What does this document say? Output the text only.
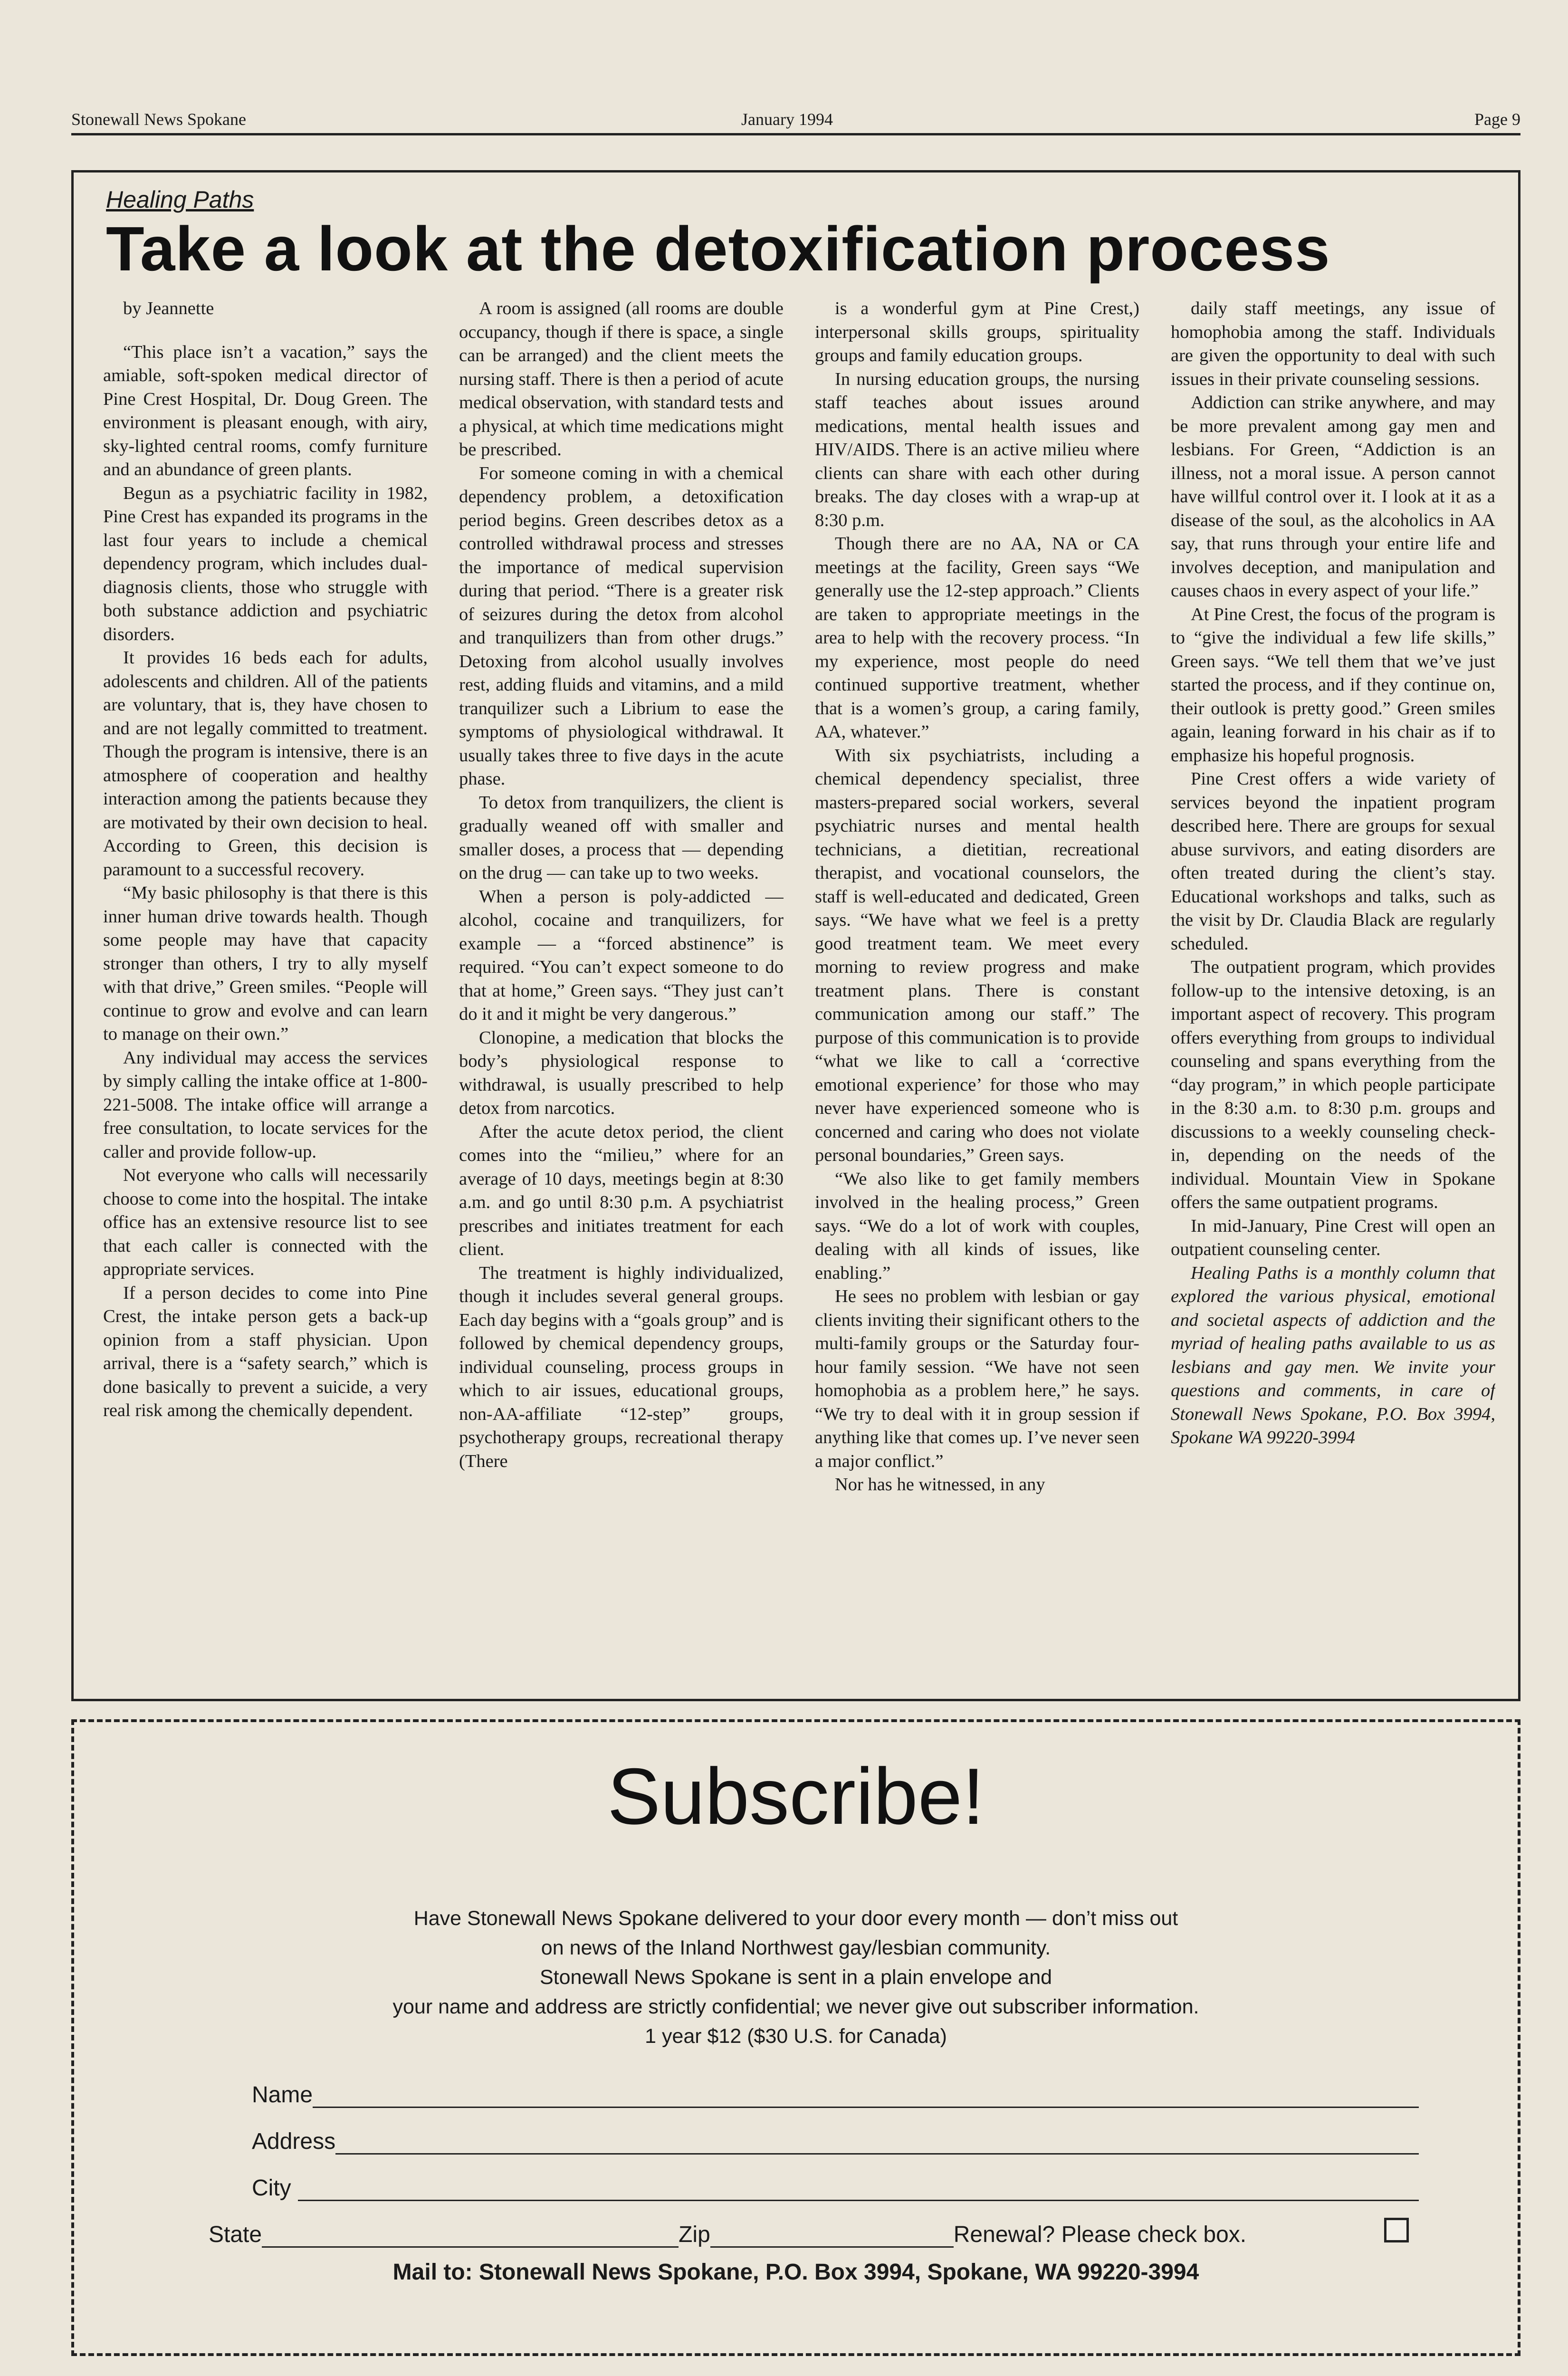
Stonewall News Spokane	January 1994	Page 9
Healing Paths
Take a look at the detoxification process

by Jeannette

“This place isn’t a vacation,” says the amiable, soft-spoken medical director of Pine Crest Hospital, Dr. Doug Green. The environment is pleasant enough, with airy, sky-lighted central rooms, comfy furniture and an abundance of green plants.

Begun as a psychiatric facility in 1982, Pine Crest has expanded its programs in the last four years to include a chemical dependency program, which includes dual-diagnosis clients, those who struggle with both substance addiction and psychiatric disorders.

It provides 16 beds each for adults, adolescents and children. All of the patients are voluntary, that is, they have chosen to and are not legally committed to treatment. Though the program is intensive, there is an atmosphere of cooperation and healthy interaction among the patients because they are motivated by their own decision to heal. According to Green, this decision is paramount to a successful recovery.

“My basic philosophy is that there is this inner human drive towards health. Though some people may have that capacity stronger than others, I try to ally myself with that drive,” Green smiles. “People will continue to grow and evolve and can learn to manage on their own.”

Any individual may access the services by simply calling the intake office at 1-800-221-5008. The intake office will arrange a free consultation, to locate services for the caller and provide follow-up.

Not everyone who calls will necessarily choose to come into the hospital. The intake office has an extensive resource list to see that each caller is connected with the appropriate services.

If a person decides to come into Pine Crest, the intake person gets a back-up opinion from a staff physician. Upon arrival, there is a “safety search,” which is done basically to prevent a suicide, a very real risk among the chemically dependent.

A room is assigned (all rooms are double occupancy, though if there is space, a single can be arranged) and the client meets the nursing staff. There is then a period of acute medical observation, with standard tests and a physical, at which time medications might be prescribed.

For someone coming in with a chemical dependency problem, a detoxification period begins. Green describes detox as a controlled withdrawal process and stresses the importance of medical supervision during that period. “There is a greater risk of seizures during the detox from alcohol and tranquilizers than from other drugs.” Detoxing from alcohol usually involves rest, adding fluids and vitamins, and a mild tranquilizer such a Librium to ease the symptoms of physiological withdrawal. It usually takes three to five days in the acute phase.

To detox from tranquilizers, the client is gradually weaned off with smaller and smaller doses, a process that — depending on the drug — can take up to two weeks.

When a person is poly-addicted — alcohol, cocaine and tranquilizers, for example — a “forced abstinence” is required. “You can’t expect someone to do that at home,” Green says. “They just can’t do it and it might be very dangerous.”

Clonopine, a medication that blocks the body’s physiological response to withdrawal, is usually prescribed to help detox from narcotics.

After the acute detox period, the client comes into the “milieu,” where for an average of 10 days, meetings begin at 8:30 a.m. and go until 8:30 p.m. A psychiatrist prescribes and initiates treatment for each client.

The treatment is highly individualized, though it includes several general groups. Each day begins with a “goals group” and is followed by chemical dependency groups, individual counseling, process groups in which to air issues, educational groups, non-AA-affiliate “12-step” groups, psychotherapy groups, recreational therapy (There

is a wonderful gym at Pine Crest,) interpersonal skills groups, spirituality groups and family education groups.

In nursing education groups, the nursing staff teaches about issues around medications, mental health issues and HIV/AIDS. There is an active milieu where clients can share with each other during breaks. The day closes with a wrap-up at 8:30 p.m.

Though there are no AA, NA or CA meetings at the facility, Green says “We generally use the 12-step approach.” Clients are taken to appropriate meetings in the area to help with the recovery process. “In my experience, most people do need continued supportive treatment, whether that is a women’s group, a caring family, AA, whatever.”

With six psychiatrists, including a chemical dependency specialist, three masters-prepared social workers, several psychiatric nurses and mental health technicians, a dietitian, recreational therapist, and vocational counselors, the staff is well-educated and dedicated, Green says. “We have what we feel is a pretty good treatment team. We meet every morning to review progress and make treatment plans. There is constant communication among our staff.” The purpose of this communication is to provide “what we like to call a ‘corrective emotional experience’ for those who may never have experienced someone who is concerned and caring who does not violate personal boundaries,” Green says.

“We also like to get family members involved in the healing process,” Green says. “We do a lot of work with couples, dealing with all kinds of issues, like enabling.”

He sees no problem with lesbian or gay clients inviting their significant others to the multi-family groups or the Saturday four-hour family session. “We have not seen homophobia as a problem here,” he says. “We try to deal with it in group session if anything like that comes up. I’ve never seen a major conflict.”

Nor has he witnessed, in any

daily staff meetings, any issue of homophobia among the staff. Individuals are given the opportunity to deal with such issues in their private counseling sessions.

Addiction can strike anywhere, and may be more prevalent among gay men and lesbians. For Green, “Addiction is an illness, not a moral issue. A person cannot have willful control over it. I look at it as a disease of the soul, as the alcoholics in AA say, that runs through your entire life and involves deception, and manipulation and causes chaos in every aspect of your life.”

At Pine Crest, the focus of the program is to “give the individual a few life skills,” Green says. “We tell them that we’ve just started the process, and if they continue on, their outlook is pretty good.” Green smiles again, leaning forward in his chair as if to emphasize his hopeful prognosis.

Pine Crest offers a wide variety of services beyond the inpatient program described here. There are groups for sexual abuse survivors, and eating disorders are often treated during the client’s stay. Educational workshops and talks, such as the visit by Dr. Claudia Black are regularly scheduled.

The outpatient program, which provides follow-up to the intensive detoxing, is an important aspect of recovery. This program offers everything from groups to individual counseling and spans everything from the “day program,” in which people participate in the 8:30 a.m. to 8:30 p.m. groups and discussions to a weekly counseling check-in, depending on the needs of the individual. Mountain View in Spokane offers the same outpatient programs.

In mid-January, Pine Crest will open an outpatient counseling center.

Healing Paths is a monthly column that explored the various physical, emotional and societal aspects of addiction and the myriad of healing paths available to us as lesbians and gay men. We invite your questions and comments, in care of Stonewall News Spokane, P.O. Box 3994, Spokane WA 99220-3994

Subscribe!
Have Stonewall News Spokane delivered to your door every month — don’t miss out
on news of the Inland Northwest gay/lesbian community.
Stonewall News Spokane is sent in a plain envelope and
your name and address are strictly confidential; we never give out subscriber information.
1 year $12 ($30 U.S. for Canada)
Name
Address
City
State	Zip	Renewal? Please check box.
Mail to: Stonewall News Spokane, P.O. Box 3994, Spokane, WA 99220-3994
